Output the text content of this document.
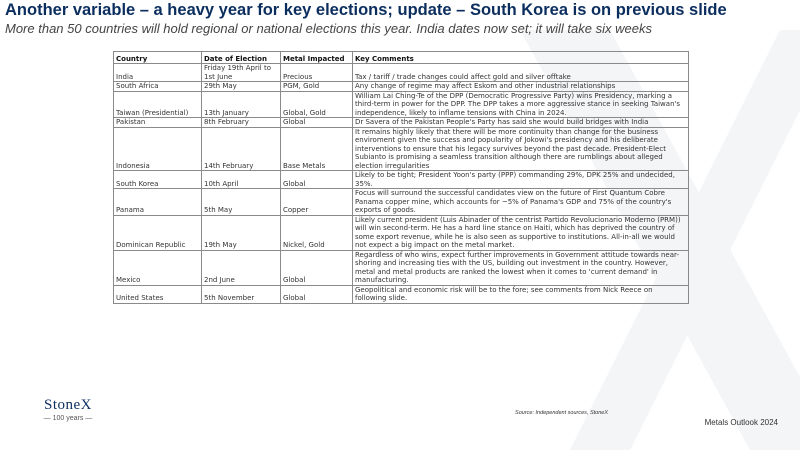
Another variable – a heavy year for key elections; update – South Korea is on previous slide

More than 50 countries will hold regional or national elections this year. India dates now set; it will take six weeks

Country	Date of Election	Metal Impacted	Key Comments
India	Friday 19th April to 1st June	Precious	Tax / tariff / trade changes could affect gold and silver offtake
South Africa	29th May	PGM, Gold	Any change of regime may affect Eskom and other industrial relationships
Taiwan (Presidential)	13th January	Global, Gold	William Lai Ching-Te of the DPP (Democratic Progressive Party) wins Presidency, marking a third-term in power for the DPP. The DPP takes a more aggressive stance in seeking Taiwan's independence, likely to inflame tensions with China in 2024.
Pakistan	8th February	Global	Dr Savera of the Pakistan People's Party has said she would build bridges with India
Indonesia	14th February	Base Metals	It remains highly likely that there will be more continuity than change for the business enviroment given the success and popularity of Jokowi's presidency and his deliberate interventions to ensure that his legacy survives beyond the past decade. President-Elect Subianto is promising a seamless transition although there are rumblings about alleged election irregularities
South Korea	10th April	Global	Likely to be tight; President Yoon's party (PPP) commanding 29%, DPK 25% and undecided, 35%.
Panama	5th May	Copper	Focus will surround the successful candidates view on the future of First Quantum Cobre Panama copper mine, which accounts for ~5% of Panama's GDP and 75% of the country's exports of goods.
Dominican Republic	19th May	Nickel, Gold	Likely current president (Luis Abinader of the centrist Partido Revolucionario Moderno (PRM)) will win second-term. He has a hard line stance on Haiti, which has deprived the country of some export revenue, while he is also seen as supportive to institutions. All-in-all we would not expect a big impact on the metal market.
Mexico	2nd June	Global	Regardless of who wins, expect further improvements in Government attitude towards near-shoring and increasing ties with the US, building out investment in the country. However, metal and metal products are ranked the lowest when it comes to 'current demand' in manufacturing.
United States	5th November	Global	Geopolitical and economic risk will be to the fore; see comments from Nick Reece on following slide.
StoneX
— 100 years —
Source: Independent sources, StoneX
Metals Outlook 2024
